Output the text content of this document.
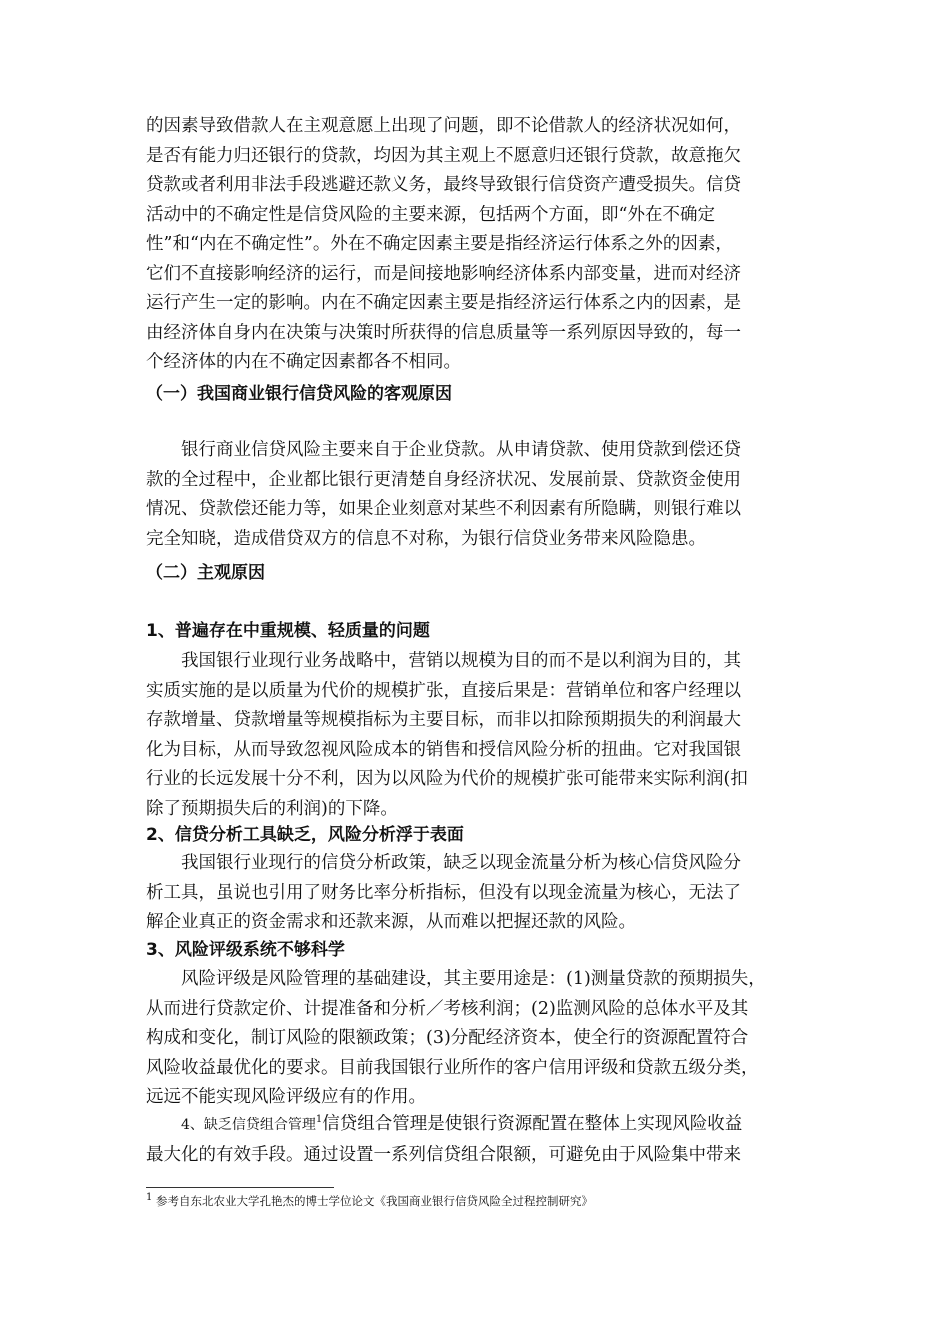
的因素导致借款人在主观意愿上出现了问题，即不论借款人的经济状况如何，
是否有能力归还银行的贷款，均因为其主观上不愿意归还银行贷款，故意拖欠
贷款或者利用非法手段逃避还款义务，最终导致银行信贷资产遭受损失。信贷
活动中的不确定性是信贷风险的主要来源，包括两个方面，即“外在不确定
性”和“内在不确定性”。外在不确定因素主要是指经济运行体系之外的因素，
它们不直接影响经济的运行，而是间接地影响经济体系内部变量，进而对经济
运行产生一定的影响。内在不确定因素主要是指经济运行体系之内的因素，是
由经济体自身内在决策与决策时所获得的信息质量等一系列原因导致的，每一
个经济体的内在不确定因素都各不相同。
（一）我国商业银行信贷风险的客观原因
银行商业信贷风险主要来自于企业贷款。从申请贷款、使用贷款到偿还贷
款的全过程中，企业都比银行更清楚自身经济状况、发展前景、贷款资金使用
情况、贷款偿还能力等，如果企业刻意对某些不利因素有所隐瞒，则银行难以
完全知晓，造成借贷双方的信息不对称，为银行信贷业务带来风险隐患。
（二）主观原因
1、普遍存在中重规模、轻质量的问题
我国银行业现行业务战略中，营销以规模为目的而不是以利润为目的，其
实质实施的是以质量为代价的规模扩张，直接后果是：营销单位和客户经理以
存款增量、贷款增量等规模指标为主要目标，而非以扣除预期损失的利润最大
化为目标，从而导致忽视风险成本的销售和授信风险分析的扭曲。它对我国银
行业的长远发展十分不利，因为以风险为代价的规模扩张可能带来实际利润(扣
除了预期损失后的利润)的下降。
2、信贷分析工具缺乏，风险分析浮于表面
我国银行业现行的信贷分析政策，缺乏以现金流量分析为核心信贷风险分
析工具，虽说也引用了财务比率分析指标，但没有以现金流量为核心，无法了
解企业真正的资金需求和还款来源，从而难以把握还款的风险。
3、风险评级系统不够科学
风险评级是风险管理的基础建设，其主要用途是：(1)测量贷款的预期损失，
从而进行贷款定价、计提准备和分析／考核利润；(2)监测风险的总体水平及其
构成和变化，制订风险的限额政策；(3)分配经济资本，使全行的资源配置符合
风险收益最优化的要求。目前我国银行业所作的客户信用评级和贷款五级分类，
远远不能实现风险评级应有的作用。
4、缺乏信贷组合管理$^1$信贷组合管理是使银行资源配置在整体上实现风险收益
最大化的有效手段。通过设置一系列信贷组合限额，可避免由于风险集中带来
1 参考自东北农业大学孔艳杰的博士学位论文《我国商业银行信贷风险全过程控制研究》
